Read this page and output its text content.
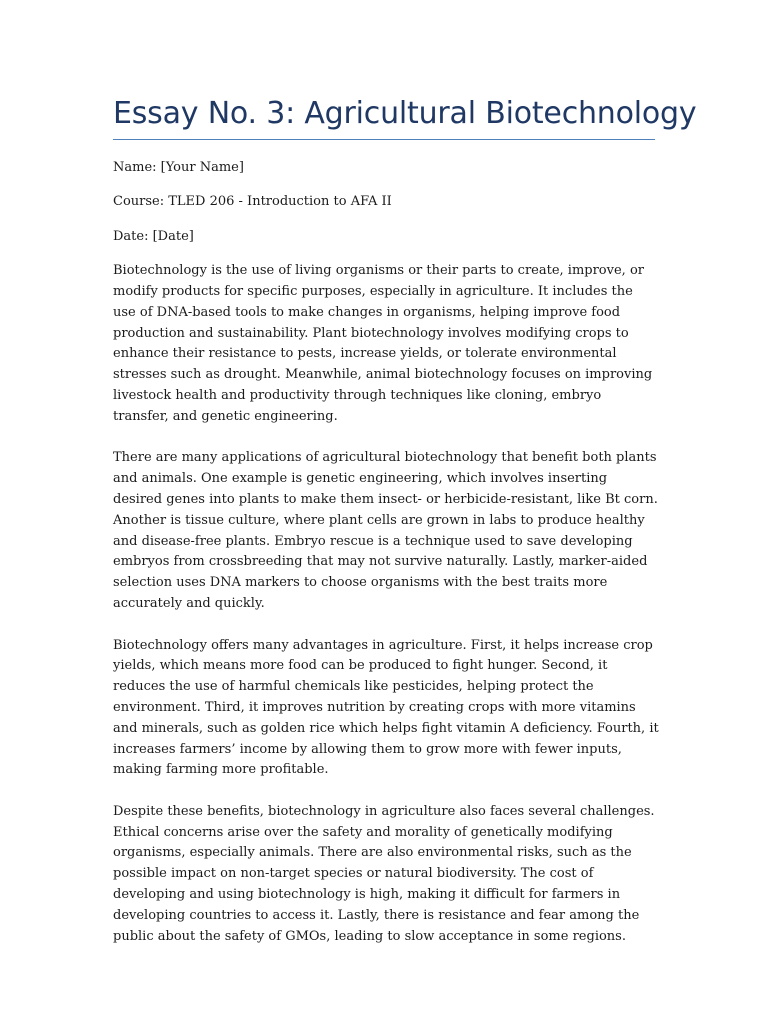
Essay No. 3: Agricultural Biotechnology

Name: [Your Name]

Course: TLED 206 - Introduction to AFA II

Date: [Date]

Biotechnology is the use of living organisms or their parts to create, improve, or modify products for specific purposes, especially in agriculture. It includes the use of DNA-based tools to make changes in organisms, helping improve food production and sustainability. Plant biotechnology involves modifying crops to enhance their resistance to pests, increase yields, or tolerate environmental stresses such as drought. Meanwhile, animal biotechnology focuses on improving livestock health and productivity through techniques like cloning, embryo transfer, and genetic engineering.

There are many applications of agricultural biotechnology that benefit both plants and animals. One example is genetic engineering, which involves inserting desired genes into plants to make them insect- or herbicide-resistant, like Bt corn. Another is tissue culture, where plant cells are grown in labs to produce healthy and disease-free plants. Embryo rescue is a technique used to save developing embryos from crossbreeding that may not survive naturally. Lastly, marker-aided selection uses DNA markers to choose organisms with the best traits more accurately and quickly.

Biotechnology offers many advantages in agriculture. First, it helps increase crop yields, which means more food can be produced to fight hunger. Second, it reduces the use of harmful chemicals like pesticides, helping protect the environment. Third, it improves nutrition by creating crops with more vitamins and minerals, such as golden rice which helps fight vitamin A deficiency. Fourth, it increases farmers’ income by allowing them to grow more with fewer inputs, making farming more profitable.

Despite these benefits, biotechnology in agriculture also faces several challenges. Ethical concerns arise over the safety and morality of genetically modifying organisms, especially animals. There are also environmental risks, such as the possible impact on non-target species or natural biodiversity. The cost of developing and using biotechnology is high, making it difficult for farmers in developing countries to access it. Lastly, there is resistance and fear among the public about the safety of GMOs, leading to slow acceptance in some regions.
